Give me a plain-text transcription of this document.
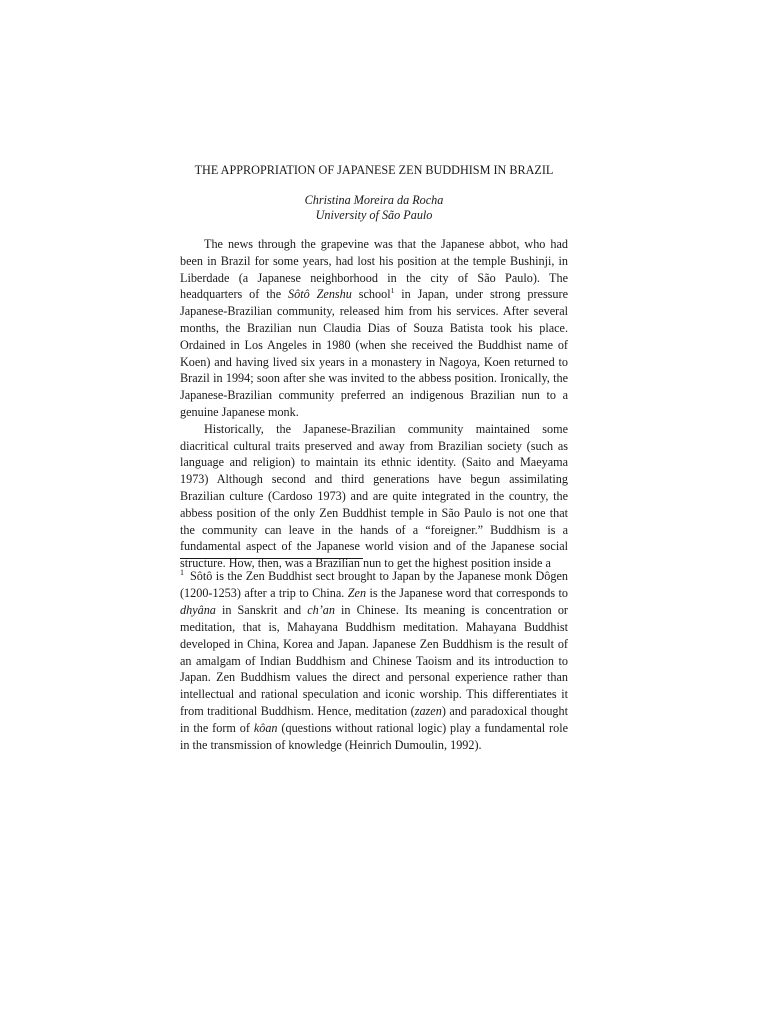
THE APPROPRIATION OF JAPANESE ZEN BUDDHISM IN BRAZIL
Christina Moreira da Rocha
University of São Paulo

The news through the grapevine was that the Japanese abbot, who had been in Brazil for some years, had lost his position at the temple Bushinji, in Liberdade (a Japanese neighborhood in the city of São Paulo). The headquarters of the Sôtô Zenshu school$^1$ in Japan, under strong pressure Japanese-Brazilian community, released him from his services. After several months, the Brazilian nun Claudia Dias of Souza Batista took his place. Ordained in Los Angeles in 1980 (when she received the Buddhist name of Koen) and having lived six years in a monastery in Nagoya, Koen returned to Brazil in 1994; soon after she was invited to the abbess position. Ironically, the Japanese-Brazilian community preferred an indigenous Brazilian nun to a genuine Japanese monk.

Historically, the Japanese-Brazilian community maintained some diacritical cultural traits preserved and away from Brazilian society (such as language and religion) to maintain its ethnic identity. (Saito and Maeyama 1973) Although second and third generations have begun assimilating Brazilian culture (Cardoso 1973) and are quite integrated in the country, the abbess position of the only Zen Buddhist temple in São Paulo is not one that the community can leave in the hands of a “foreigner.” Buddhism is a fundamental aspect of the Japanese world vision and of the Japanese social structure. How, then, was a Brazilian nun to get the highest position inside a

$^1$ Sôtô is the Zen Buddhist sect brought to Japan by the Japanese monk Dôgen (1200-1253) after a trip to China. Zen is the Japanese word that corresponds to dhyâna in Sanskrit and ch’an in Chinese. Its meaning is concentration or meditation, that is, Mahayana Buddhism meditation. Mahayana Buddhist developed in China, Korea and Japan. Japanese Zen Buddhism is the result of an amalgam of Indian Buddhism and Chinese Taoism and its introduction to Japan. Zen Buddhism values the direct and personal experience rather than intellectual and rational speculation and iconic worship. This differentiates it from traditional Buddhism. Hence, meditation (zazen) and paradoxical thought in the form of kôan (questions without rational logic) play a fundamental role in the transmission of knowledge (Heinrich Dumoulin, 1992).
